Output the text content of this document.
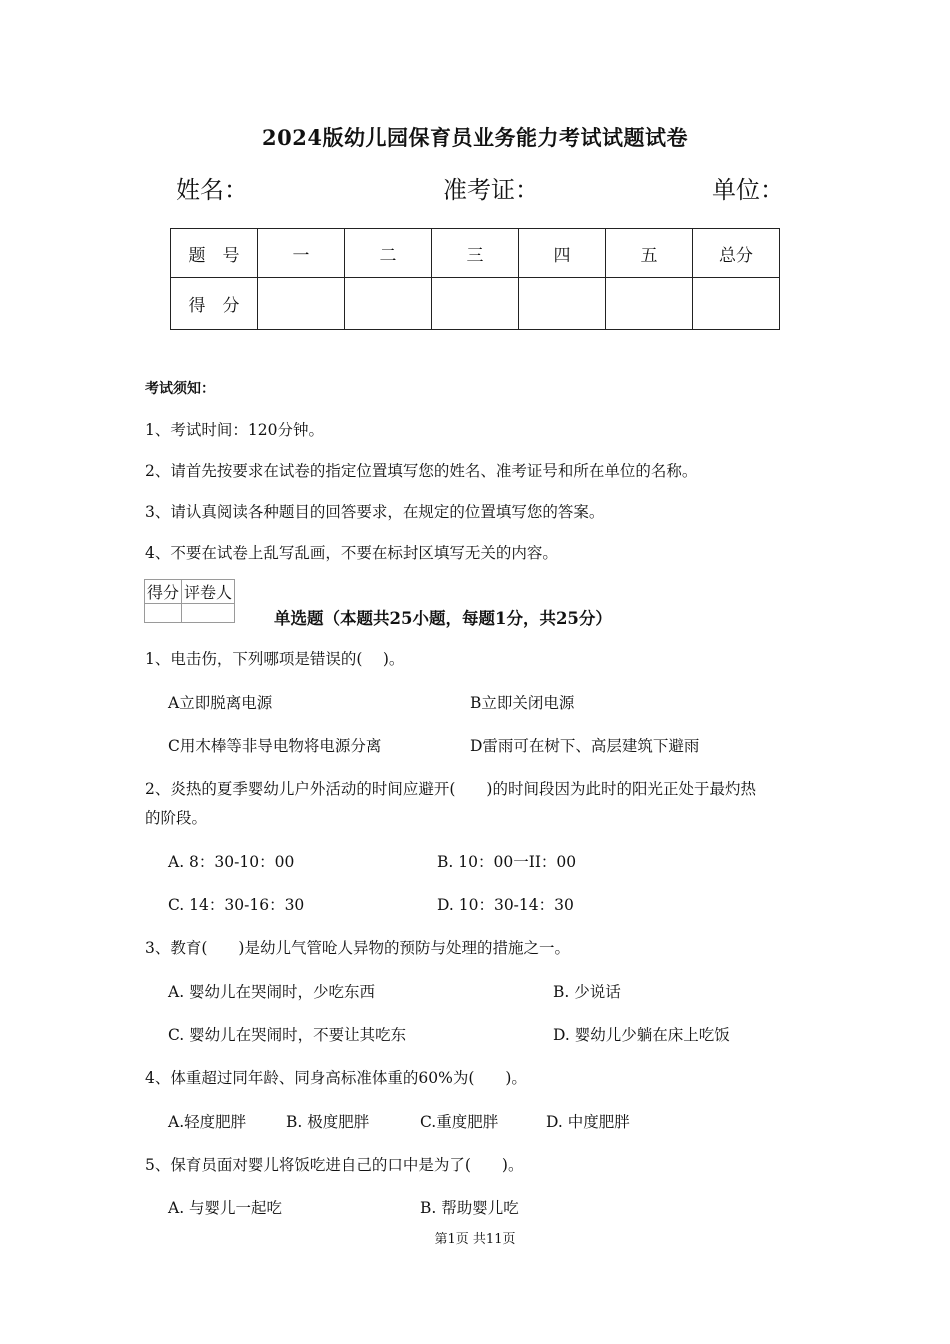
2024版幼儿园保育员业务能力考试试题试卷
姓名：	准考证：	单位：
题　号	一	二	三	四	五	总分
得　分						
考试须知：
1、考试时间：120分钟。
2、请首先按要求在试卷的指定位置填写您的姓名、准考证号和所在单位的名称。
3、请认真阅读各种题目的回答要求，在规定的位置填写您的答案。
4、不要在试卷上乱写乱画，不要在标封区填写无关的内容。
得分	评卷人

单选题（本题共25小题，每题1分，共25分）
1、电击伤，下列哪项是错误的(　 )。
A立即脱离电源	B立即关闭电源
C用木棒等非导电物将电源分离	D雷雨可在树下、高层建筑下避雨
2、炎热的夏季婴幼儿户外活动的时间应避开(　　)的时间段因为此时的阳光正处于最灼热
的阶段。
A. 8：30-10：00	B. 10：00一II：00
C. 14：30-16：30	D. 10：30-14：30
3、教育(　　)是幼儿气管呛人异物的预防与处理的措施之一。
A. 婴幼儿在哭闹时，少吃东西	B. 少说话
C. 婴幼儿在哭闹时，不要让其吃东	D. 婴幼儿少躺在床上吃饭
4、体重超过同年龄、同身高标准体重的60%为(　　)。
A.轻度肥胖	B. 极度肥胖	C.重度肥胖	D. 中度肥胖
5、保育员面对婴儿将饭吃进自己的口中是为了(　　)。
A. 与婴儿一起吃	B. 帮助婴儿吃
第1页 共11页
